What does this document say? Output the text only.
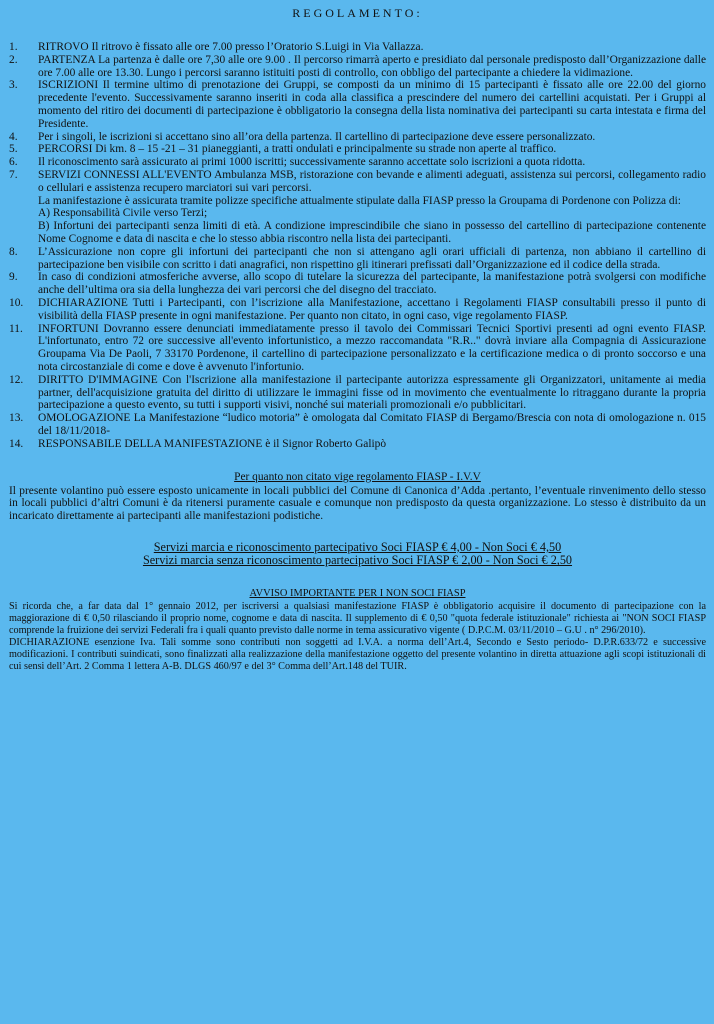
REGOLAMENTO:
1. RITROVO Il ritrovo è fissato alle ore 7.00 presso l’Oratorio S.Luigi in Via Vallazza.
2. PARTENZA La partenza è dalle ore 7,30 alle ore 9.00 . Il percorso rimarrà aperto e presidiato dal personale predisposto dall’Organizzazione dalle ore 7.00 alle ore 13.30. Lungo i percorsi saranno istituiti posti di controllo, con obbligo del partecipante a chiedere la vidimazione.
3. ISCRIZIONI Il termine ultimo di prenotazione dei Gruppi, se composti da un minimo di 15 partecipanti è fissato alle ore 22.00 del giorno precedente l'evento. Successivamente saranno inseriti in coda alla classifica a prescindere del numero dei cartellini acquistati. Per i Gruppi al momento del ritiro dei documenti di partecipazione è obbligatorio la consegna della lista nominativa dei partecipanti su carta intestata e firma del Presidente.
4. Per i singoli, le iscrizioni si accettano sino all’ora della partenza. Il cartellino di partecipazione deve essere personalizzato.
5. PERCORSI Di km. 8 – 15 -21 – 31 pianeggianti, a tratti ondulati e principalmente su strade non aperte al traffico.
6. Il riconoscimento sarà assicurato ai primi 1000 iscritti; successivamente saranno accettate solo iscrizioni a quota ridotta.
7. SERVIZI CONNESSI ALL'EVENTO Ambulanza MSB, ristorazione con bevande e alimenti adeguati, assistenza sui percorsi, collegamento radio o cellulari e assistenza recupero marciatori sui vari percorsi.
La manifestazione è assicurata tramite polizze specifiche attualmente stipulate dalla FIASP presso la Groupama di Pordenone con Polizza di:
A) Responsabilità Civile verso Terzi;
B) Infortuni dei partecipanti senza limiti di età. A condizione imprescindibile che siano in possesso del cartellino di partecipazione contenente Nome Cognome e data di nascita e che lo stesso abbia riscontro nella lista dei partecipanti.
8. L’Assicurazione non copre gli infortuni dei partecipanti che non si attengano agli orari ufficiali di partenza, non abbiano il cartellino di partecipazione ben visibile con scritto i dati anagrafici, non rispettino gli itinerari prefissati dall’Organizzazione ed il codice della strada.
9. In caso di condizioni atmosferiche avverse, allo scopo di tutelare la sicurezza del partecipante, la manifestazione potrà svolgersi con modifiche anche dell’ultima ora sia della lunghezza dei vari percorsi che del disegno del tracciato.
10. DICHIARAZIONE Tutti i Partecipanti, con l’iscrizione alla Manifestazione, accettano i Regolamenti FIASP consultabili presso il punto di visibilità della FIASP presente in ogni manifestazione. Per quanto non citato, in ogni caso, vige regolamento FIASP.
11. INFORTUNI Dovranno essere denunciati immediatamente presso il tavolo dei Commissari Tecnici Sportivi presenti ad ogni evento FIASP. L'infortunato, entro 72 ore successive all'evento infortunistico, a mezzo raccomandata "R.R.." dovrà inviare alla Compagnia di Assicurazione Groupama Via De Paoli, 7 33170 Pordenone, il cartellino di partecipazione personalizzato e la certificazione medica o di pronto soccorso e una nota circostanziale di come e dove è avvenuto l'infortunio.
12. DIRITTO D'IMMAGINE Con l'Iscrizione alla manifestazione il partecipante autorizza espressamente gli Organizzatori, unitamente ai media partner, dell'acquisizione gratuita del diritto di utilizzare le immagini fisse od in movimento che eventualmente lo ritraggano durante la propria partecipazione a questo evento, su tutti i supporti visivi, nonché sui materiali promozionali e/o pubblicitari.
13. OMOLOGAZIONE La Manifestazione “ludico motoria” è omologata dal Comitato FIASP di Bergamo/Brescia con nota di omologazione n. 015 del 18/11/2018-
14. RESPONSABILE DELLA MANIFESTAZIONE è il Signor Roberto Galipò
Per quanto non citato vige regolamento FIASP - I.V.V

Il presente volantino può essere esposto unicamente in locali pubblici del Comune di Canonica d’Adda .pertanto, l’eventuale rinvenimento dello stesso in locali pubblici d’altri Comuni è da ritenersi puramente casuale e comunque non predisposto da questa organizzazione. Lo stesso è distribuito da un incaricato direttamente ai partecipanti alle manifestazioni podistiche.

Servizi marcia e riconoscimento partecipativo Soci FIASP € 4,00 - Non Soci € 4,50
Servizi marcia senza riconoscimento partecipativo Soci FIASP € 2,00 - Non Soci € 2,50
AVVISO IMPORTANTE PER I NON SOCI FIASP

Si ricorda che, a far data dal 1° gennaio 2012, per iscriversi a qualsiasi manifestazione FIASP è obbligatorio acquisire il documento di partecipazione con la maggiorazione di € 0,50 rilasciando il proprio nome, cognome e data di nascita. Il supplemento di € 0,50 "quota federale istituzionale" richiesta ai "NON SOCI FIASP comprende la fruizione dei servizi Federali fra i quali quanto previsto dalle norme in tema assicurativo vigente ( D.P.C.M. 03/11/2010 – G.U . n° 296/2010).

DICHIARAZIONE esenzione Iva. Tali somme sono contributi non soggetti ad I.V.A. a norma dell’Art.4, Secondo e Sesto periodo- D.P.R.633/72 e successive modificazioni. I contributi suindicati, sono finalizzati alla realizzazione della manifestazione oggetto del presente volantino in diretta attuazione agli scopi istituzionali di cui sensi dell’Art. 2 Comma 1 lettera A-B. DLGS 460/97 e del 3° Comma dell’Art.148 del TUIR.
